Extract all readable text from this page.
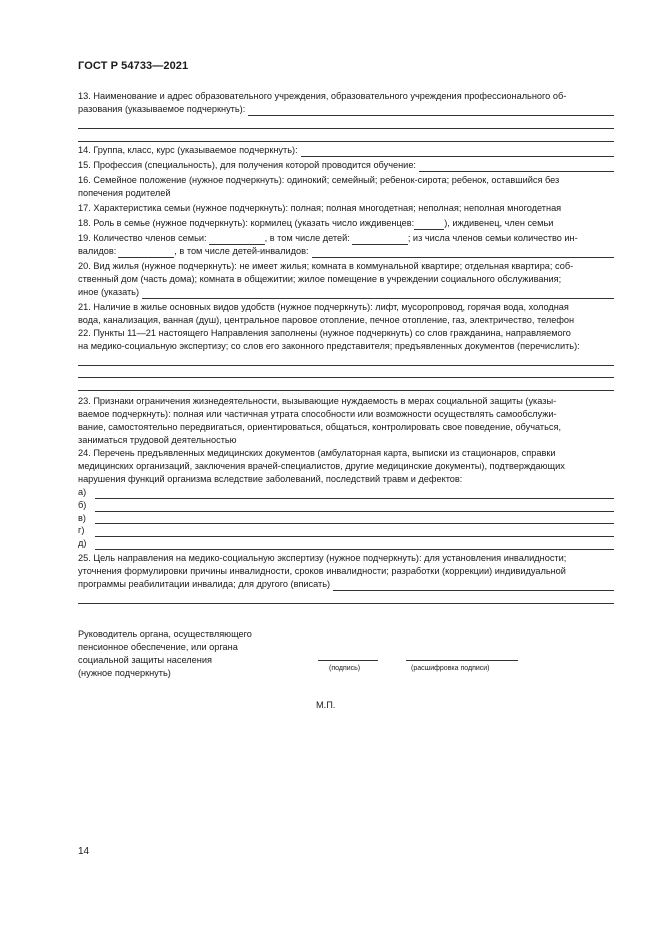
ГОСТ Р 54733—2021
13. Наименование и адрес образовательного учреждения, образовательного учреждения профессионального об-
разования (указываемое подчеркнуть):
14. Группа, класс, курс (указываемое подчеркнуть):
15. Профессия (специальность), для получения которой проводится обучение:
16. Семейное положение (нужное подчеркнуть): одинокий; семейный; ребенок-сирота; ребенок, оставшийся без
попечения родителей
17. Характеристика семьи (нужное подчеркнуть): полная; полная многодетная; неполная; неполная многодетная
18. Роль в семье (нужное подчеркнуть): кормилец (указать число иждивенцев:	), иждивенец, член семьи
19. Количество членов семьи:	, в том числе детей:	; из числа членов семьи количество ин-
валидов:	, в том числе детей-инвалидов:
20. Вид жилья (нужное подчеркнуть): не имеет жилья; комната в коммунальной квартире; отдельная квартира; соб-
ственный дом (часть дома); комната в общежитии; жилое помещение в учреждении социального обслуживания;
иное (указать)
21. Наличие в жилье основных видов удобств (нужное подчеркнуть): лифт, мусоропровод, горячая вода, холодная
вода, канализация, ванная (душ), центральное паровое отопление, печное отопление, газ, электричество, телефон
22. Пункты 11—21 настоящего Направления заполнены (нужное подчеркнуть) со слов гражданина, направляемого
на медико-социальную экспертизу; со слов его законного представителя; предъявленных документов (перечислить):
23. Признаки ограничения жизнедеятельности, вызывающие нуждаемость в мерах социальной защиты (указы-
ваемое подчеркнуть): полная или частичная утрата способности или возможности осуществлять самообслужи-
вание, самостоятельно передвигаться, ориентироваться, общаться, контролировать свое поведение, обучаться,
заниматься трудовой деятельностью
24. Перечень предъявленных медицинских документов (амбулаторная карта, выписки из стационаров, справки
медицинских организаций, заключения врачей-специалистов, другие медицинские документы), подтверждающих
нарушения функций организма вследствие заболеваний, последствий травм и дефектов:
а)
б)
в)
г)
д)
25. Цель направления на медико-социальную экспертизу (нужное подчеркнуть): для установления инвалидности;
уточнения формулировки причины инвалидности, сроков инвалидности; разработки (коррекции) индивидуальной
программы реабилитации инвалида; для другого (вписать)
Руководитель органа, осуществляющего
пенсионное обеспечение, или органа
социальной защиты населения
(нужное подчеркнуть)	(подпись)	(расшифровка подписи)
М.П.
14
